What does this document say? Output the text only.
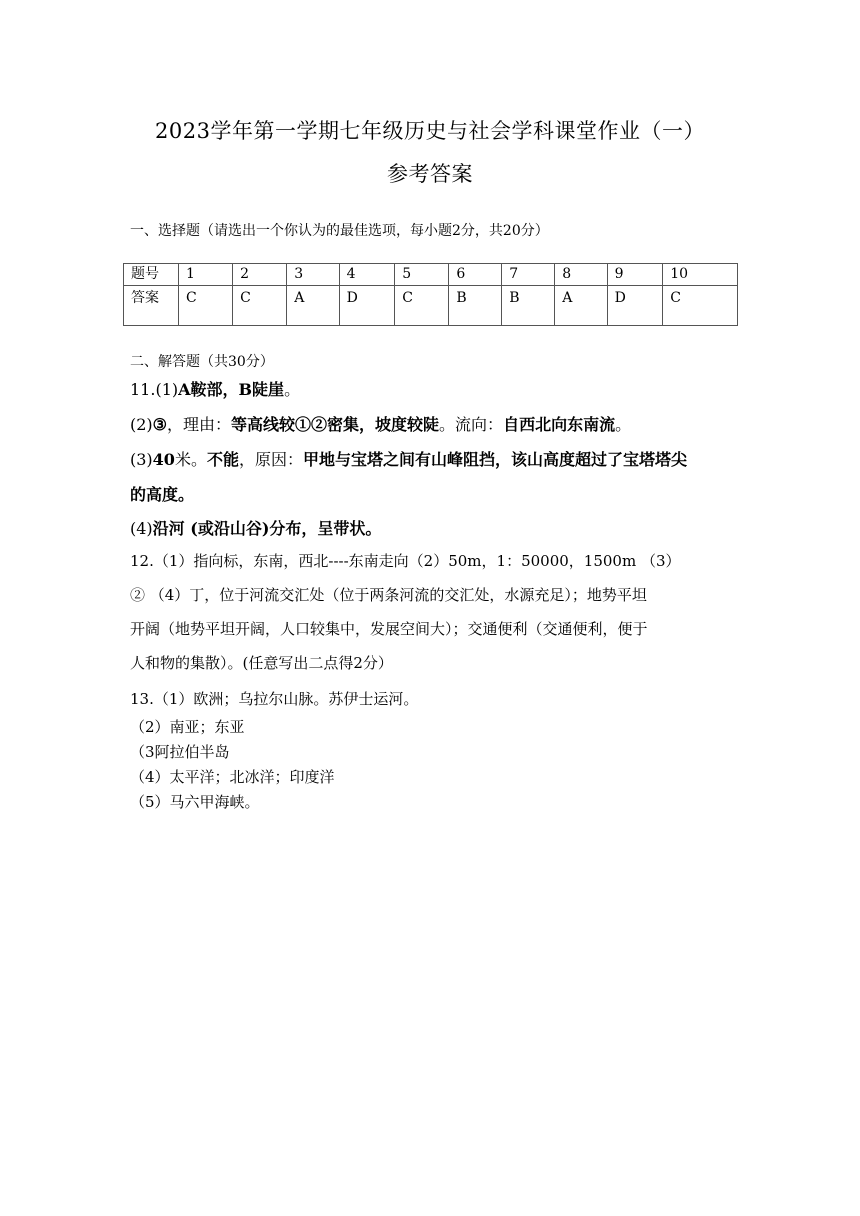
2023学年第一学期七年级历史与社会学科课堂作业（一）
参考答案
一、选择题（请选出一个你认为的最佳选项，每小题2分，共20分）
题号	1	2	3	4	5	6	7	8	9	10
答案	C	C	A	D	C	B	B	A	D	C
二、解答题（共30分）
11.(1)A鞍部，B陡崖。
(2)③，理由：等高线较①②密集，坡度较陡。流向：自西北向东南流。
(3)40米。不能，原因：甲地与宝塔之间有山峰阻挡，该山高度超过了宝塔塔尖
的高度。
(4)沿河 (或沿山谷)分布，呈带状。
12.（1）指向标，东南，西北----东南走向（2）50m，1：50000，1500m （3）
② （4）丁，位于河流交汇处（位于两条河流的交汇处，水源充足）；地势平坦
开阔（地势平坦开阔，人口较集中，发展空间大）；交通便利（交通便利，便于
人和物的集散）。(任意写出二点得2分）
13.（1）欧洲；乌拉尔山脉。苏伊士运河。
（2）南亚；东亚
（3阿拉伯半岛
（4）太平洋；北冰洋；印度洋
（5）马六甲海峡。
